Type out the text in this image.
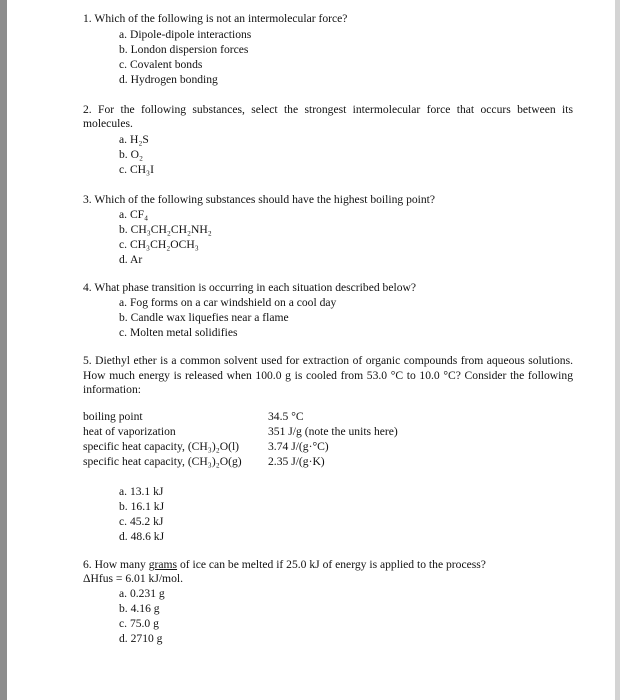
1. Which of the following is not an intermolecular force?
a. Dipole-dipole interactions
b. London dispersion forces
c. Covalent bonds
d. Hydrogen bonding
2. For the following substances, select the strongest intermolecular force that occurs between its molecules.
a. H₂S
b. O₂
c. CH₃I
3. Which of the following substances should have the highest boiling point?
a. CF₄
b. CH₃CH₂CH₂NH₂
c. CH₃CH₂OCH₃
d. Ar
4. What phase transition is occurring in each situation described below?
a. Fog forms on a car windshield on a cool day
b. Candle wax liquefies near a flame
c. Molten metal solidifies
5. Diethyl ether is a common solvent used for extraction of organic compounds from aqueous solutions. How much energy is released when 100.0 g is cooled from 53.0 °C to 10.0 °C? Consider the following information:
boiling point	34.5 °C
heat of vaporization	351 J/g (note the units here)
specific heat capacity, (CH₃)₂O(l) 3.74 J/(g·°C)
specific heat capacity, (CH₃)₂O(g) 2.35 J/(g·K)
a. 13.1 kJ
b. 16.1 kJ
c. 45.2 kJ
d. 48.6 kJ
6. How many grams of ice can be melted if 25.0 kJ of energy is applied to the process?
ΔHfus = 6.01 kJ/mol.
a. 0.231 g
b. 4.16 g
c. 75.0 g
d. 2710 g
